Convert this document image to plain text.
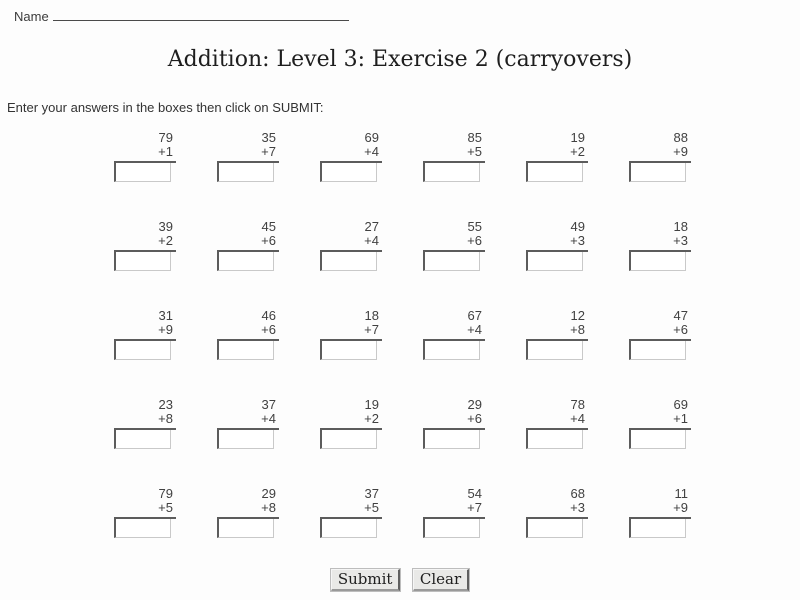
Name
Addition: Level 3: Exercise 2 (carryovers)
Enter your answers in the boxes then click on SUBMIT:
79
+1
35
+7
69
+4
85
+5
19
+2
88
+9
39
+2
45
+6
27
+4
55
+6
49
+3
18
+3
31
+9
46
+6
18
+7
67
+4
12
+8
47
+6
23
+8
37
+4
19
+2
29
+6
78
+4
69
+1
79
+5
29
+8
37
+5
54
+7
68
+3
11
+9
Submit Clear
